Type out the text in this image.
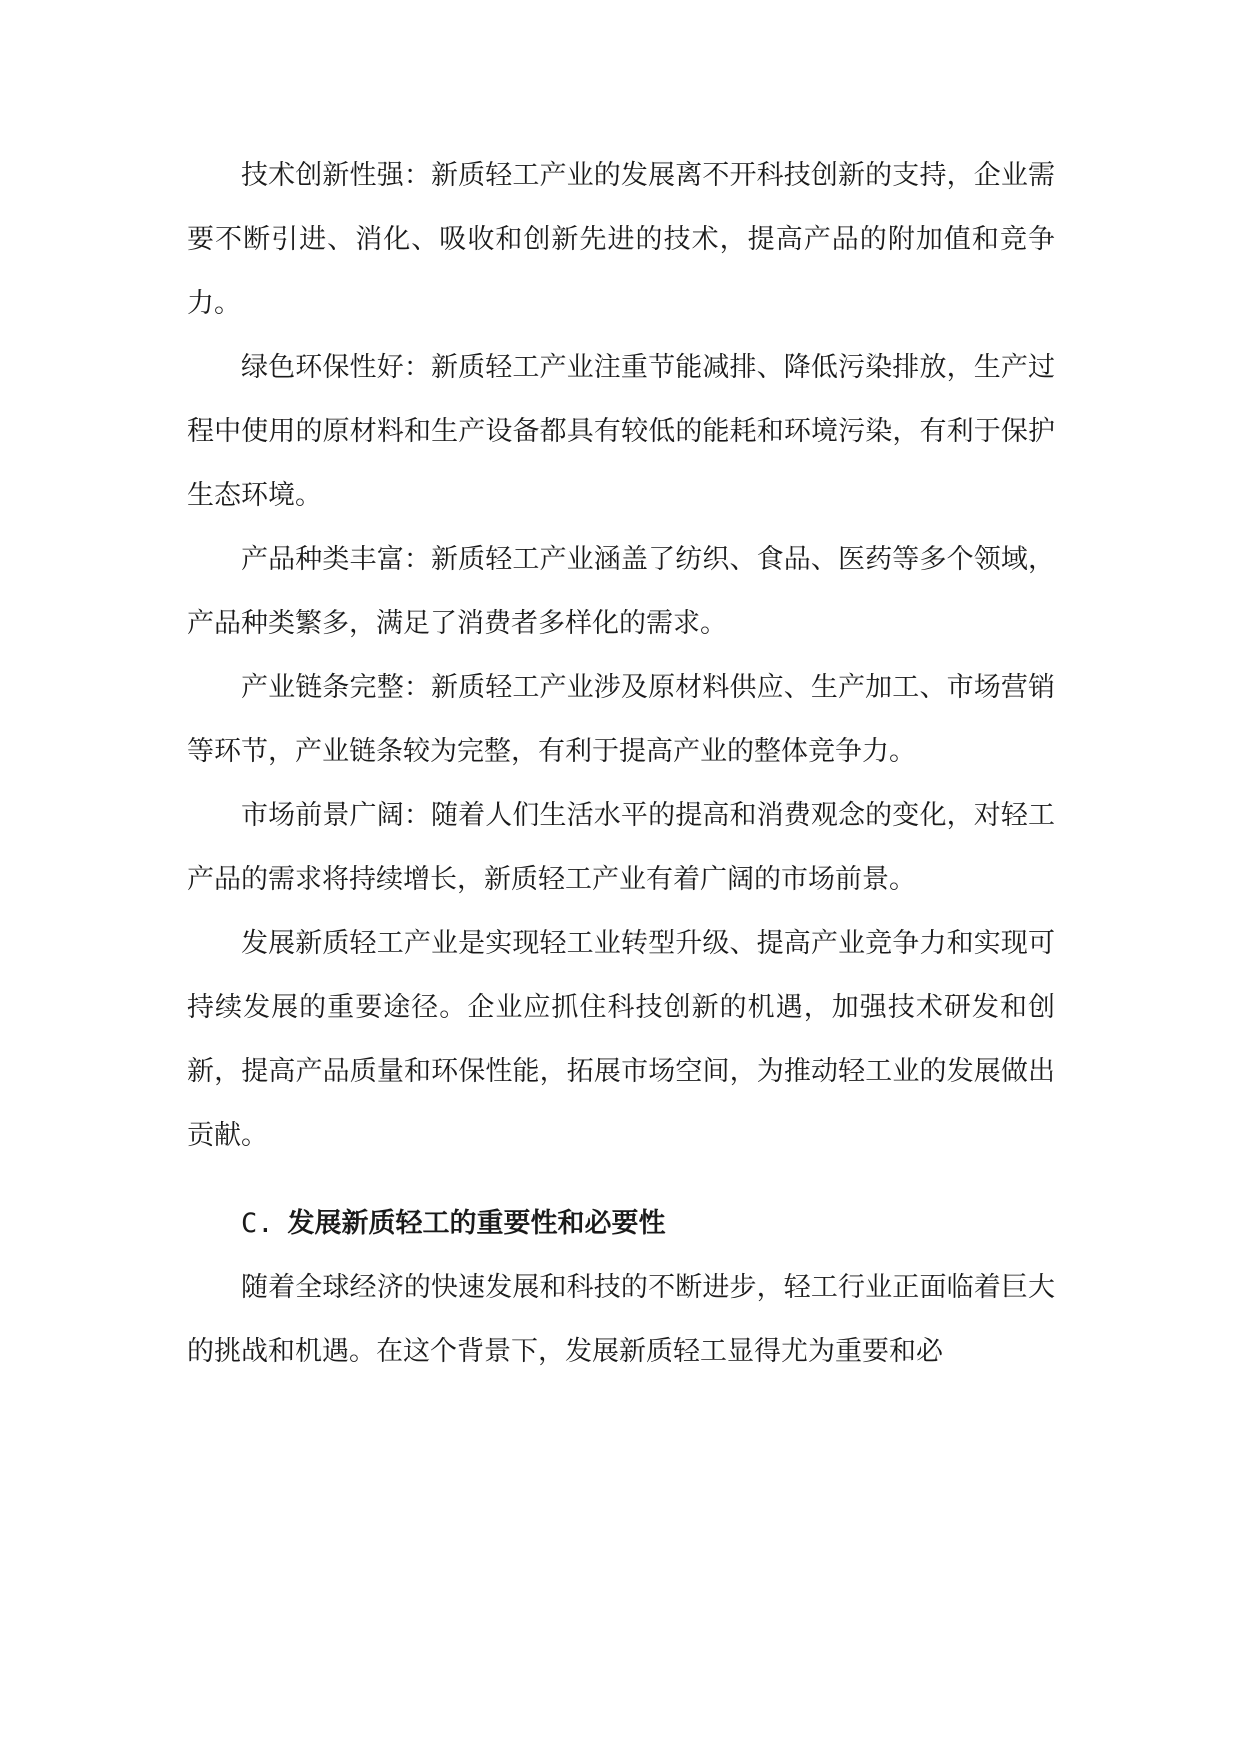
技术创新性强：新质轻工产业的发展离不开科技创新的支持，企业需要不断引进、消化、吸收和创新先进的技术，提高产品的附加值和竞争力。

绿色环保性好：新质轻工产业注重节能减排、降低污染排放，生产过程中使用的原材料和生产设备都具有较低的能耗和环境污染，有利于保护生态环境。

产品种类丰富：新质轻工产业涵盖了纺织、食品、医药等多个领域，产品种类繁多，满足了消费者多样化的需求。

产业链条完整：新质轻工产业涉及原材料供应、生产加工、市场营销等环节，产业链条较为完整，有利于提高产业的整体竞争力。

市场前景广阔：随着人们生活水平的提高和消费观念的变化，对轻工产品的需求将持续增长，新质轻工产业有着广阔的市场前景。

发展新质轻工产业是实现轻工业转型升级、提高产业竞争力和实现可持续发展的重要途径。企业应抓住科技创新的机遇，加强技术研发和创新，提高产品质量和环保性能，拓展市场空间，为推动轻工业的发展做出贡献。

C. 发展新质轻工的重要性和必要性

随着全球经济的快速发展和科技的不断进步，轻工行业正面临着巨大的挑战和机遇。在这个背景下，发展新质轻工显得尤为重要和必
